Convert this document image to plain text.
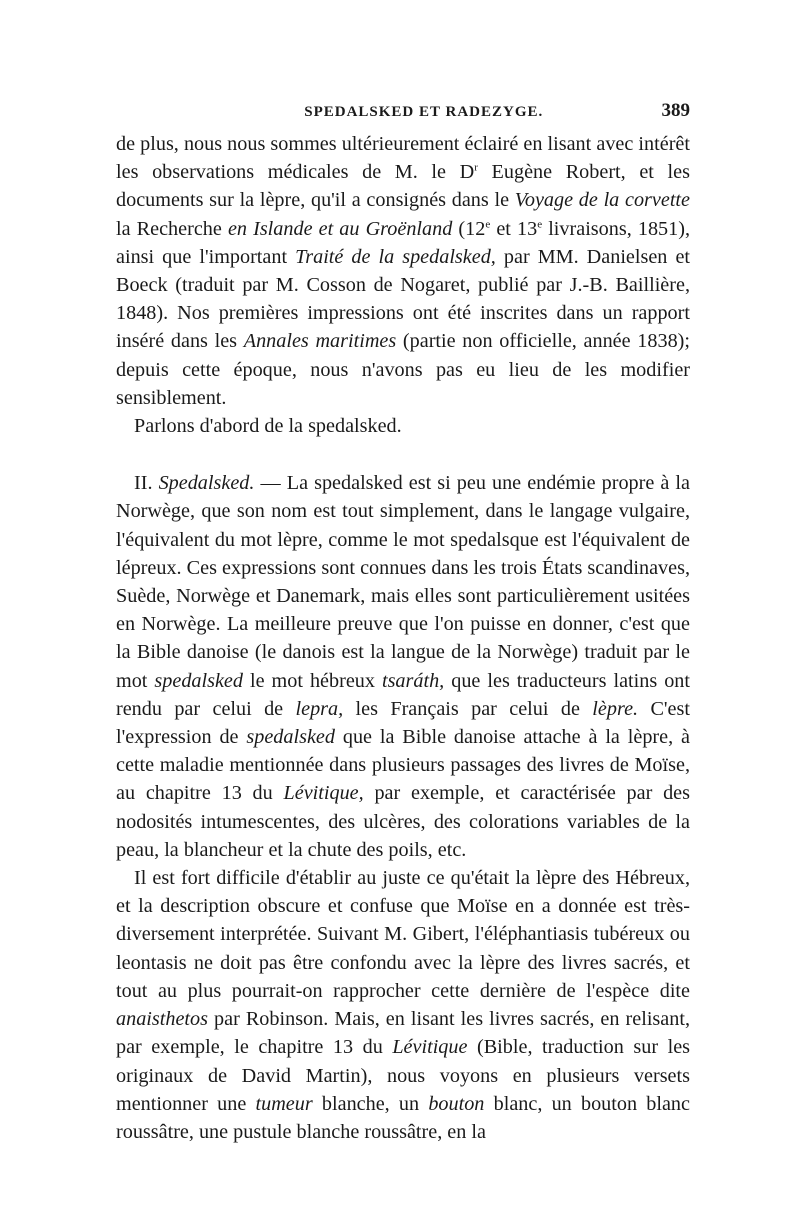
SPEDALSKED ET RADEZYGE.	389

de plus, nous nous sommes ultérieurement éclairé en lisant avec intérêt les observations médicales de M. le $D^r$ Eugène Robert, et les documents sur la lèpre, qu'il a consignés dans le Voyage de la corvette la Recherche en Islande et au Groënland (12e et 13e livraisons, 1851), ainsi que l'important Traité de la spedalsked, par MM. Danielsen et Boeck (traduit par M. Cosson de Nogaret, publié par J.-B. Baillière, 1848). Nos premières impressions ont été inscrites dans un rapport inséré dans les Annales maritimes (partie non officielle, année 1838); depuis cette époque, nous n'avons pas eu lieu de les modifier sensiblement.

Parlons d'abord de la spedalsked.

II. Spedalsked. — La spedalsked est si peu une endémie propre à la Norwège, que son nom est tout simplement, dans le langage vulgaire, l'équivalent du mot lèpre, comme le mot spedalsque est l'équivalent de lépreux. Ces expressions sont connues dans les trois États scandinaves, Suède, Norwège et Danemark, mais elles sont particulièrement usitées en Norwège. La meilleure preuve que l'on puisse en donner, c'est que la Bible danoise (le danois est la langue de la Norwège) traduit par le mot spedalsked le mot hébreux tsaráth, que les traducteurs latins ont rendu par celui de lepra, les Français par celui de lèpre. C'est l'expression de spedalsked que la Bible danoise attache à la lèpre, à cette maladie mentionnée dans plusieurs passages des livres de Moïse, au chapitre 13 du Lévitique, par exemple, et caractérisée par des nodosités intumescentes, des ulcères, des colorations variables de la peau, la blancheur et la chute des poils, etc.

Il est fort difficile d'établir au juste ce qu'était la lèpre des Hébreux, et la description obscure et confuse que Moïse en a donnée est très-diversement interprétée. Suivant M. Gibert, l'éléphantiasis tubéreux ou leontasis ne doit pas être confondu avec la lèpre des livres sacrés, et tout au plus pourrait-on rapprocher cette dernière de l'espèce dite anaisthetos par Robinson. Mais, en lisant les livres sacrés, en relisant, par exemple, le chapitre 13 du Lévitique (Bible, traduction sur les originaux de David Martin), nous voyons en plusieurs versets mentionner une tumeur blanche, un bouton blanc, un bouton blanc roussâtre, une pustule blanche roussâtre, en la
